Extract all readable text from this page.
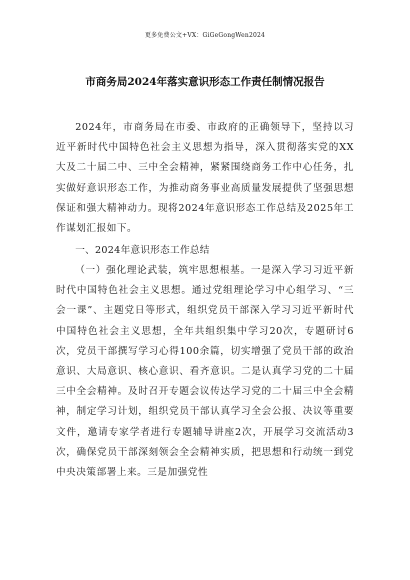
更多免费公文+VX：GiGeGongWen2024
市商务局2024年落实意识形态工作责任制情况报告

2024年，市商务局在市委、市政府的正确领导下，坚持以习近平新时代中国特色社会主义思想为指导，深入贯彻落实党的XX大及二十届二中、三中全会精神，紧紧围绕商务工作中心任务，扎实做好意识形态工作，为推动商务事业高质量发展提供了坚强思想保证和强大精神动力。现将2024年意识形态工作总结及2025年工作谋划汇报如下。

一、2024年意识形态工作总结

（一）强化理论武装，筑牢思想根基。一是深入学习习近平新时代中国特色社会主义思想。通过党组理论学习中心组学习、“三会一课”、主题党日等形式，组织党员干部深入学习习近平新时代中国特色社会主义思想，全年共组织集中学习20次，专题研讨6次，党员干部撰写学习心得100余篇，切实增强了党员干部的政治意识、大局意识、核心意识、看齐意识。二是认真学习党的二十届三中全会精神。及时召开专题会议传达学习党的二十届三中全会精神，制定学习计划，组织党员干部认真学习全会公报、决议等重要文件，邀请专家学者进行专题辅导讲座2次，开展学习交流活动3次，确保党员干部深刻领会全会精神实质，把思想和行动统一到党中央决策部署上来。三是加强党性
